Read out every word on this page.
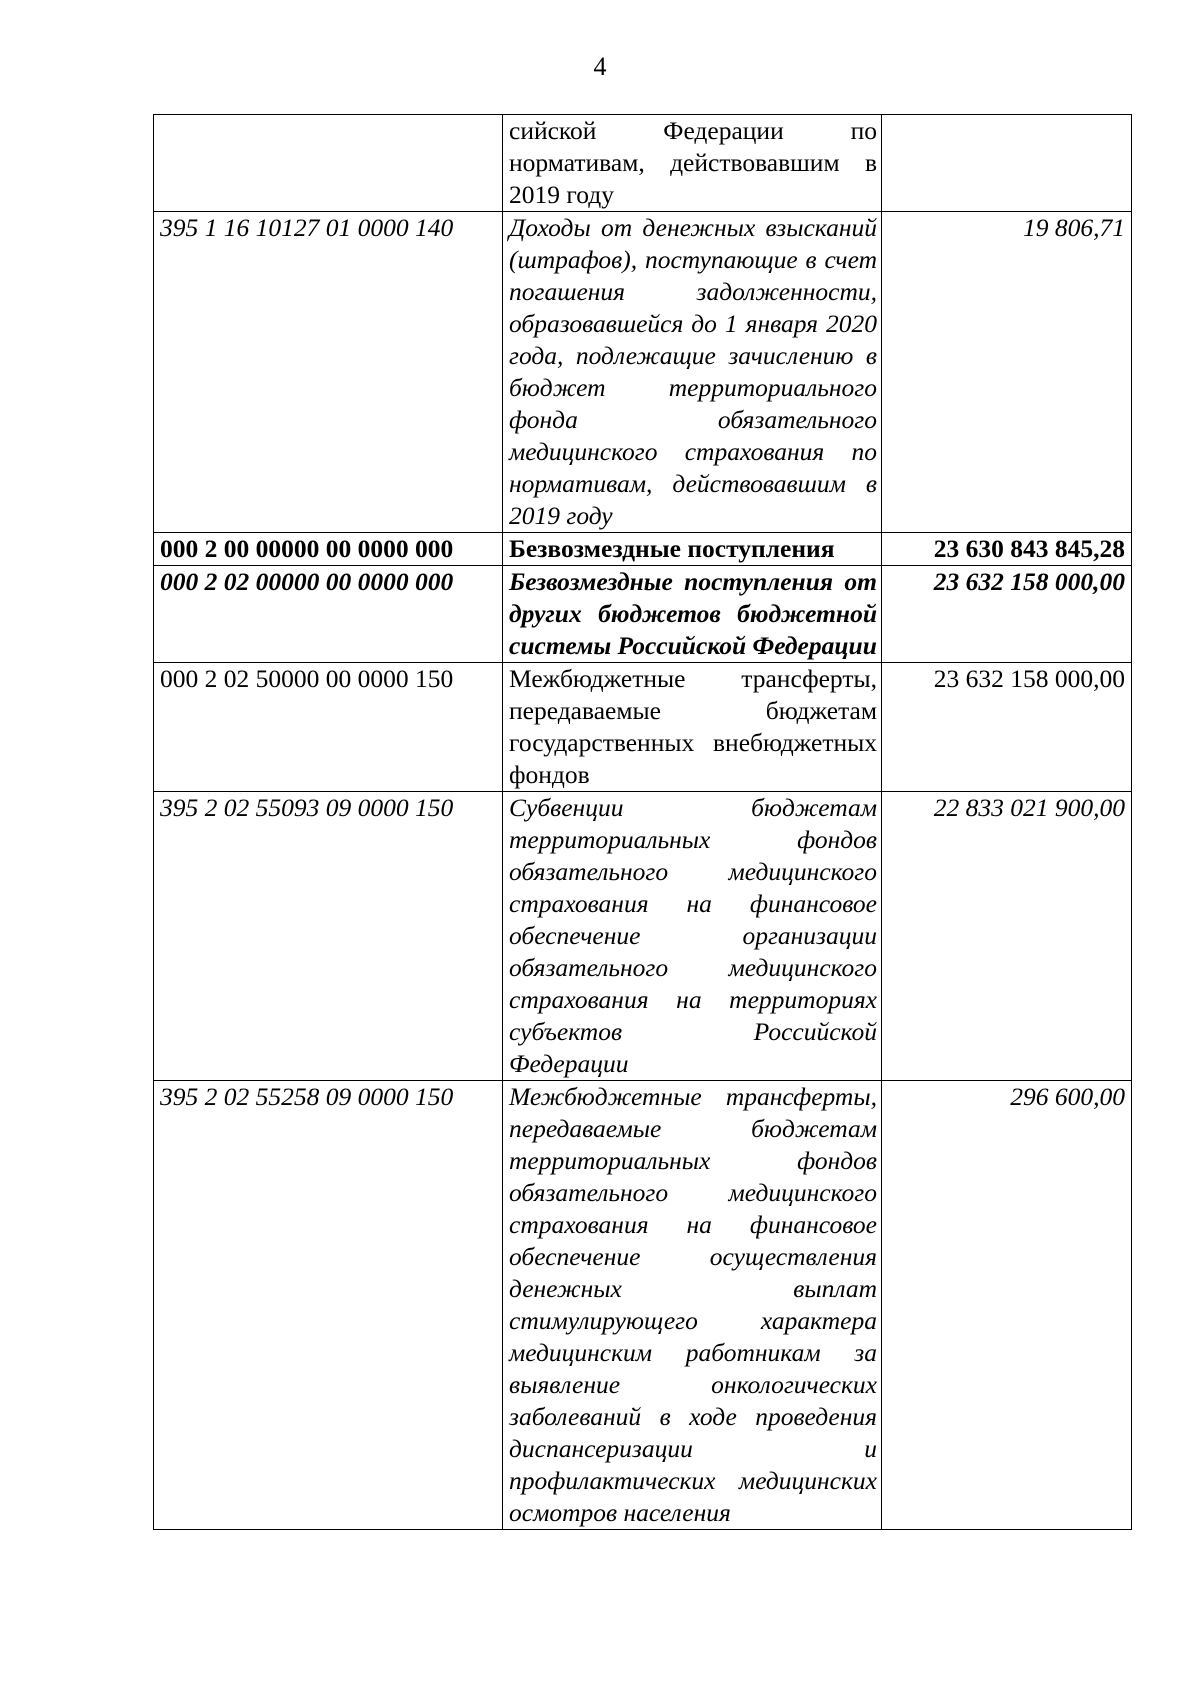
4
	сийской Федерации по нормативам, действовавшим в 2019 году	
395 1 16 10127 01 0000 140	Доходы от денежных взысканий (штрафов), поступающие в счет погашения задолженности, образовавшейся до 1 января 2020 года, подлежащие зачислению в бюджет территориального фонда обязательного медицинского страхования по нормативам, действовавшим в 2019 году	19 806,71
000 2 00 00000 00 0000 000	Безвозмездные поступления	23 630 843 845,28
000 2 02 00000 00 0000 000	Безвозмездные поступления от других бюджетов бюджетной системы Российской Федерации	23 632 158 000,00
000 2 02 50000 00 0000 150	Межбюджетные трансферты, передаваемые бюджетам государственных внебюджетных фондов	23 632 158 000,00
395 2 02 55093 09 0000 150	Субвенции бюджетам территориальных фондов обязательного медицинского страхования на финансовое обеспечение организации обязательного медицинского страхования на территориях субъектов Российской Федерации	22 833 021 900,00
395 2 02 55258 09 0000 150	Межбюджетные трансферты, передаваемые бюджетам территориальных фондов обязательного медицинского страхования на финансовое обеспечение осуществления денежных выплат стимулирующего характера медицинским работникам за выявление онкологических заболеваний в ходе проведения диспансеризации и профилактических медицинских осмотров населения	296 600,00
